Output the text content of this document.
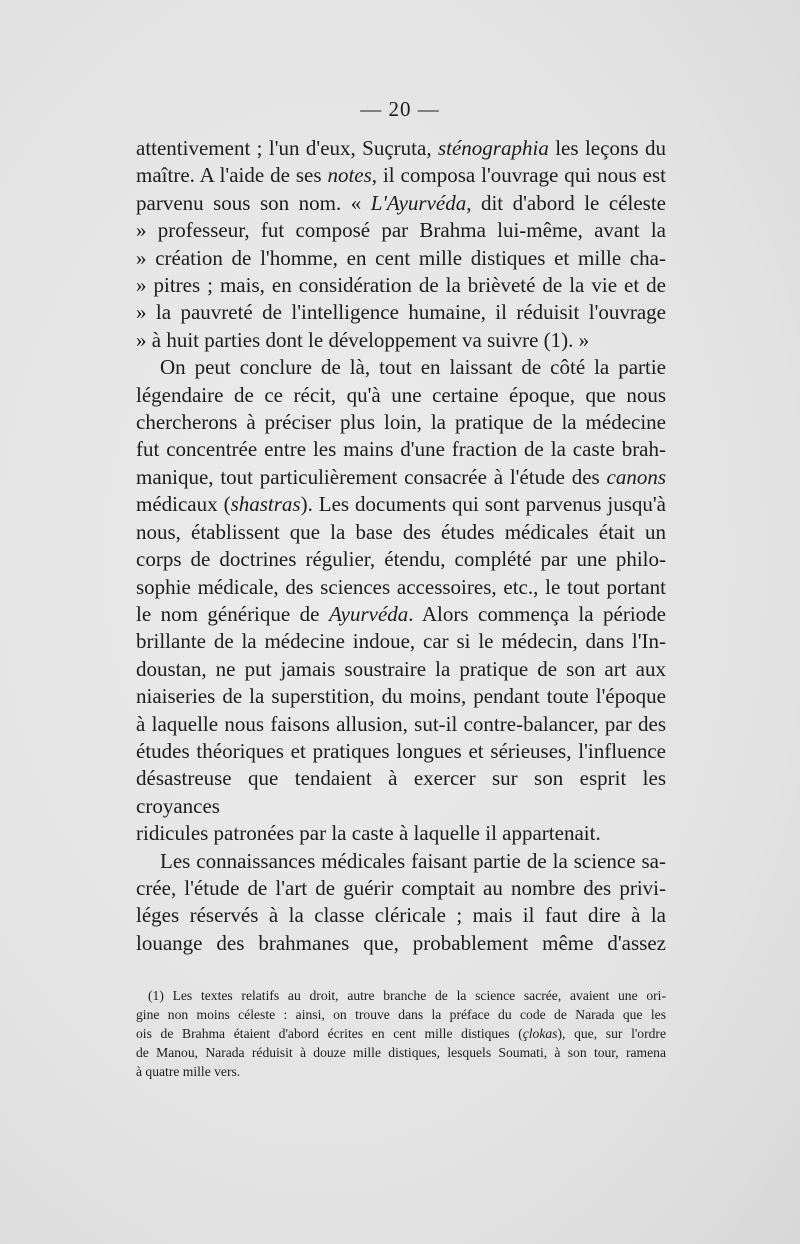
— 20 —

attentivement ; l'un d'eux, Suçruta, sténographia les leçons du

maître. A l'aide de ses notes, il composa l'ouvrage qui nous est

parvenu sous son nom. « L'Ayurvéda, dit d'abord le céleste

» professeur, fut composé par Brahma lui-même, avant la

» création de l'homme, en cent mille distiques et mille cha-

» pitres ; mais, en considération de la brièveté de la vie et de

» la pauvreté de l'intelligence humaine, il réduisit l'ouvrage

» à huit parties dont le développement va suivre (1). »

On peut conclure de là, tout en laissant de côté la partie

légendaire de ce récit, qu'à une certaine époque, que nous

chercherons à préciser plus loin, la pratique de la médecine

fut concentrée entre les mains d'une fraction de la caste brah-

manique, tout particulièrement consacrée à l'étude des canons

médicaux (shastras). Les documents qui sont parvenus jusqu'à

nous, établissent que la base des études médicales était un

corps de doctrines régulier, étendu, complété par une philo-

sophie médicale, des sciences accessoires, etc., le tout portant

le nom générique de Ayurvéda. Alors commença la période

brillante de la médecine indoue, car si le médecin, dans l'In-

doustan, ne put jamais soustraire la pratique de son art aux

niaiseries de la superstition, du moins, pendant toute l'époque

à laquelle nous faisons allusion, sut-il contre-balancer, par des

études théoriques et pratiques longues et sérieuses, l'influence

désastreuse que tendaient à exercer sur son esprit les croyances

ridicules patronées par la caste à laquelle il appartenait.

Les connaissances médicales faisant partie de la science sa-

crée, l'étude de l'art de guérir comptait au nombre des privi-

léges réservés à la classe cléricale ; mais il faut dire à la

louange des brahmanes que, probablement même d'assez

(1) Les textes relatifs au droit, autre branche de la science sacrée, avaient une ori-

gine non moins céleste : ainsi, on trouve dans la préface du code de Narada que les

ois de Brahma étaient d'abord écrites en cent mille distiques (çlokas), que, sur l'ordre

de Manou, Narada réduisit à douze mille distiques, lesquels Soumati, à son tour, ramena

à quatre mille vers.
